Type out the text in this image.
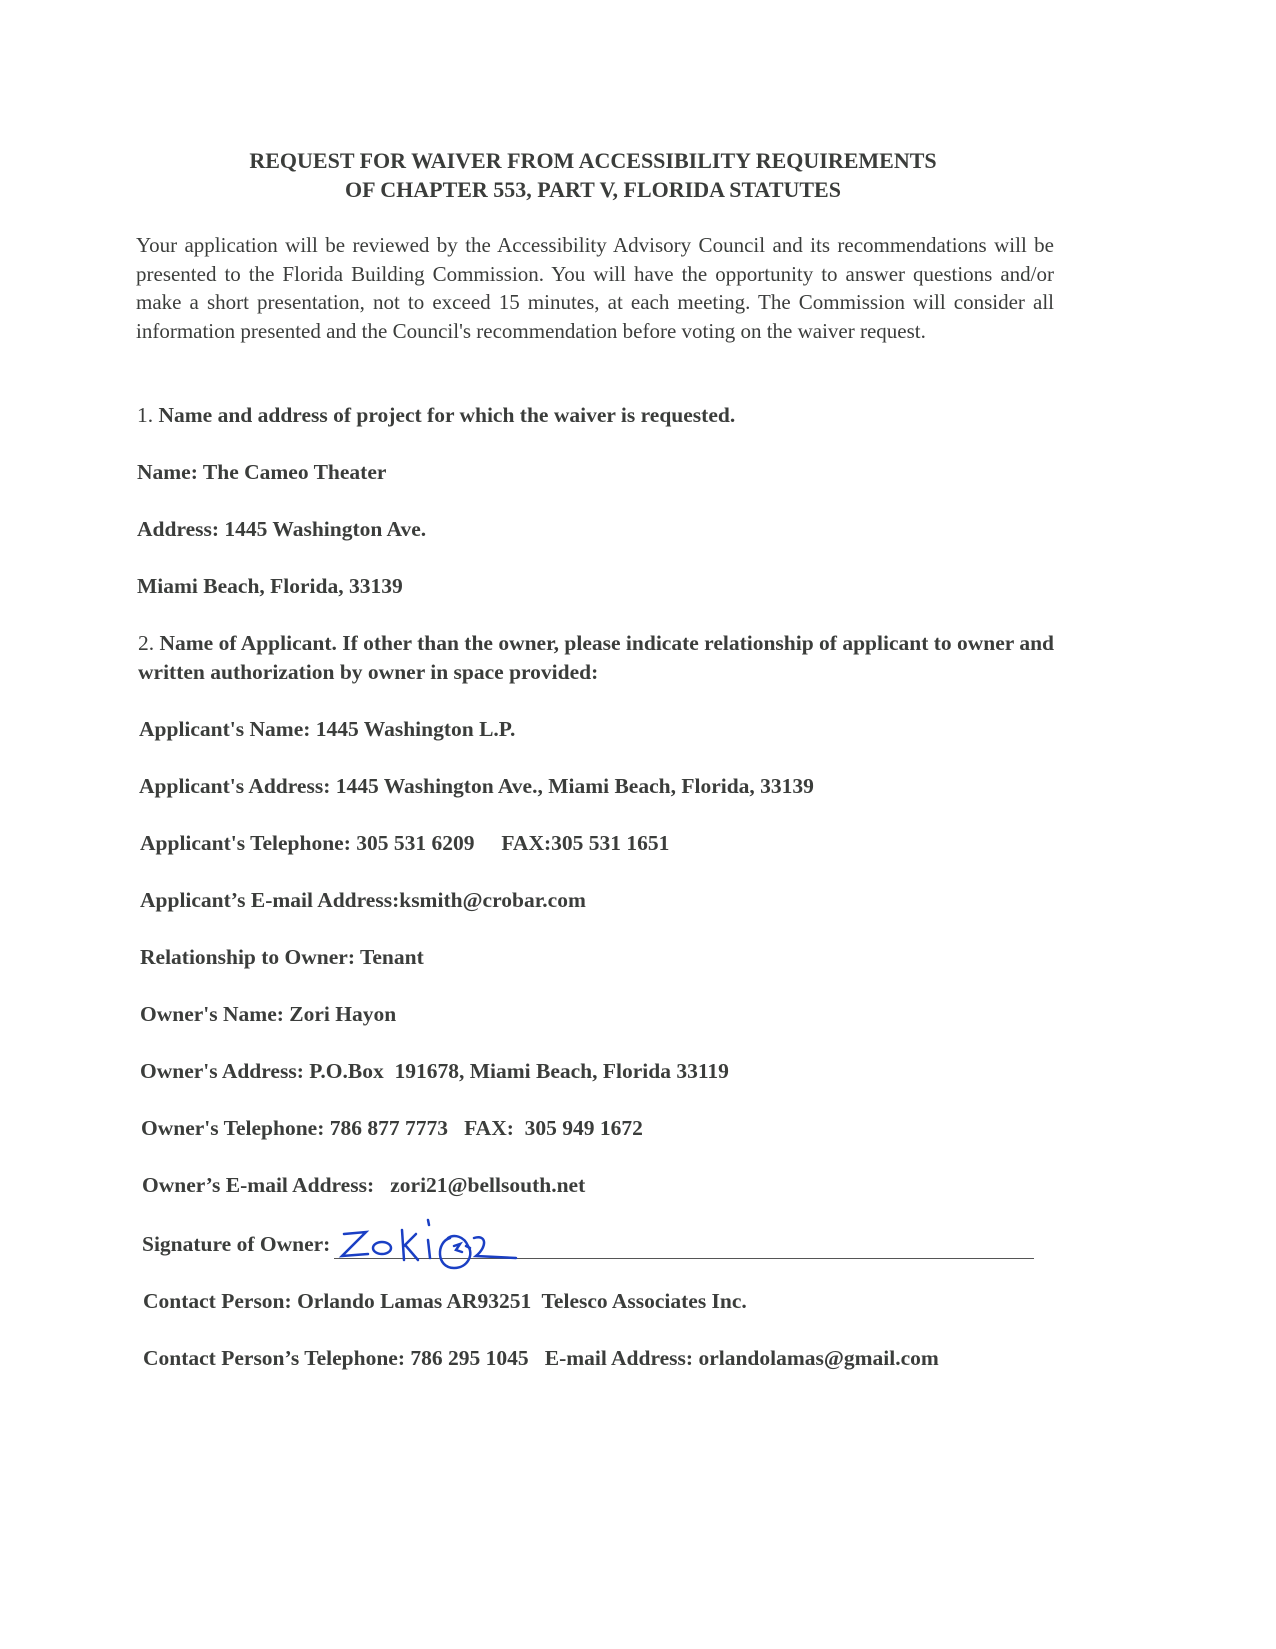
REQUEST FOR WAIVER FROM ACCESSIBILITY REQUIREMENTS
OF CHAPTER 553, PART V, FLORIDA STATUTES
Your application will be reviewed by the Accessibility Advisory Council and its recommendations will be presented to the Florida Building Commission. You will have the opportunity to answer questions and/or make a short presentation, not to exceed 15 minutes, at each meeting. The Commission will consider all information presented and the Council's recommendation before voting on the waiver request.
1. Name and address of project for which the waiver is requested.
Name: The Cameo Theater
Address: 1445 Washington Ave.
Miami Beach, Florida, 33139
2. Name of Applicant. If other than the owner, please indicate relationship of applicant to owner and written authorization by owner in space provided:
Applicant's Name: 1445 Washington L.P.
Applicant's Address: 1445 Washington Ave., Miami Beach, Florida, 33139
Applicant's Telephone: 305 531 6209 FAX:305 531 1651
Applicant’s E-mail Address:ksmith@crobar.com
Relationship to Owner: Tenant
Owner's Name: Zori Hayon
Owner's Address: P.O.Box  191678, Miami Beach, Florida 33119
Owner's Telephone: 786 877 7773 FAX: 305 949 1672
Owner’s E-mail Address: zori21@bellsouth.net
Signature of Owner:
Contact Person: Orlando Lamas AR93251  Telesco Associates Inc.
Contact Person’s Telephone: 786 295 1045 E-mail Address: orlandolamas@gmail.com
